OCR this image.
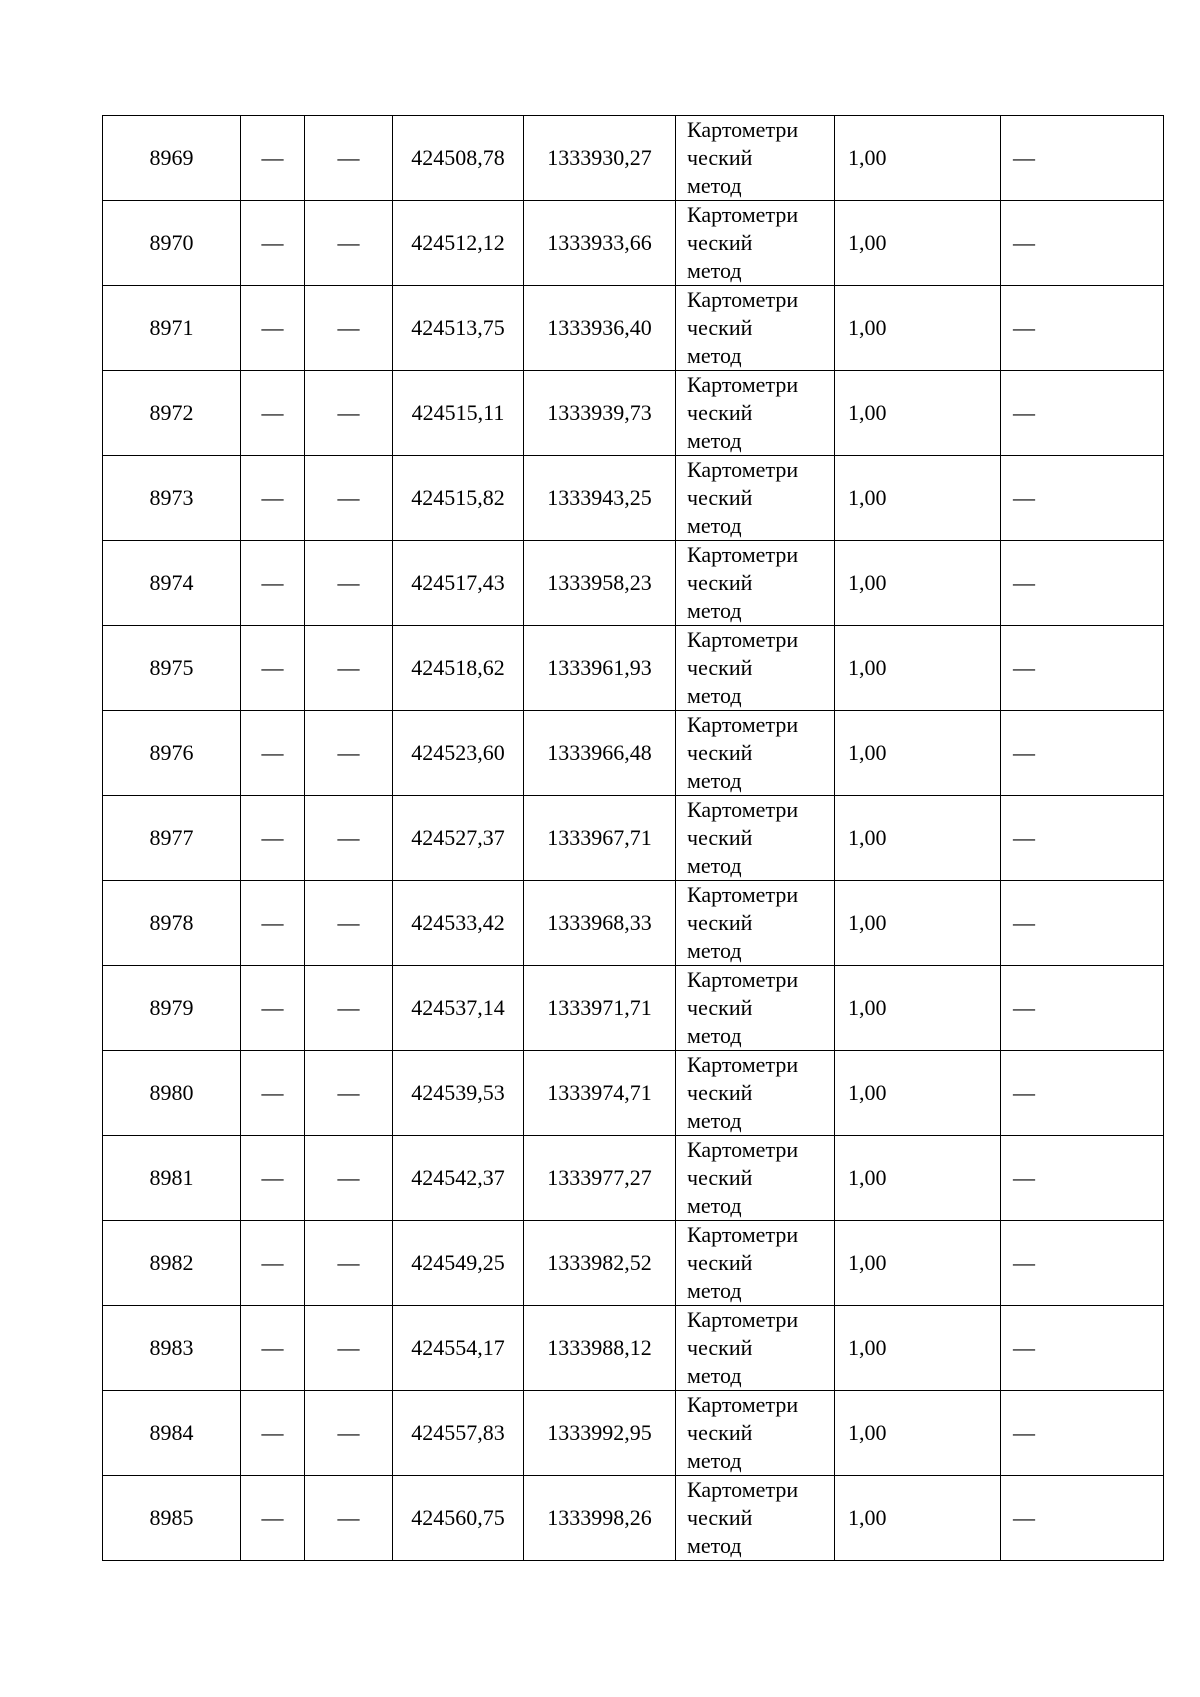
8969	—	—	424508,78	1333930,27	Картометри
ческий
метод	1,00	—
8970	—	—	424512,12	1333933,66	Картометри
ческий
метод	1,00	—
8971	—	—	424513,75	1333936,40	Картометри
ческий
метод	1,00	—
8972	—	—	424515,11	1333939,73	Картометри
ческий
метод	1,00	—
8973	—	—	424515,82	1333943,25	Картометри
ческий
метод	1,00	—
8974	—	—	424517,43	1333958,23	Картометри
ческий
метод	1,00	—
8975	—	—	424518,62	1333961,93	Картометри
ческий
метод	1,00	—
8976	—	—	424523,60	1333966,48	Картометри
ческий
метод	1,00	—
8977	—	—	424527,37	1333967,71	Картометри
ческий
метод	1,00	—
8978	—	—	424533,42	1333968,33	Картометри
ческий
метод	1,00	—
8979	—	—	424537,14	1333971,71	Картометри
ческий
метод	1,00	—
8980	—	—	424539,53	1333974,71	Картометри
ческий
метод	1,00	—
8981	—	—	424542,37	1333977,27	Картометри
ческий
метод	1,00	—
8982	—	—	424549,25	1333982,52	Картометри
ческий
метод	1,00	—
8983	—	—	424554,17	1333988,12	Картометри
ческий
метод	1,00	—
8984	—	—	424557,83	1333992,95	Картометри
ческий
метод	1,00	—
8985	—	—	424560,75	1333998,26	Картометри
ческий
метод	1,00	—
